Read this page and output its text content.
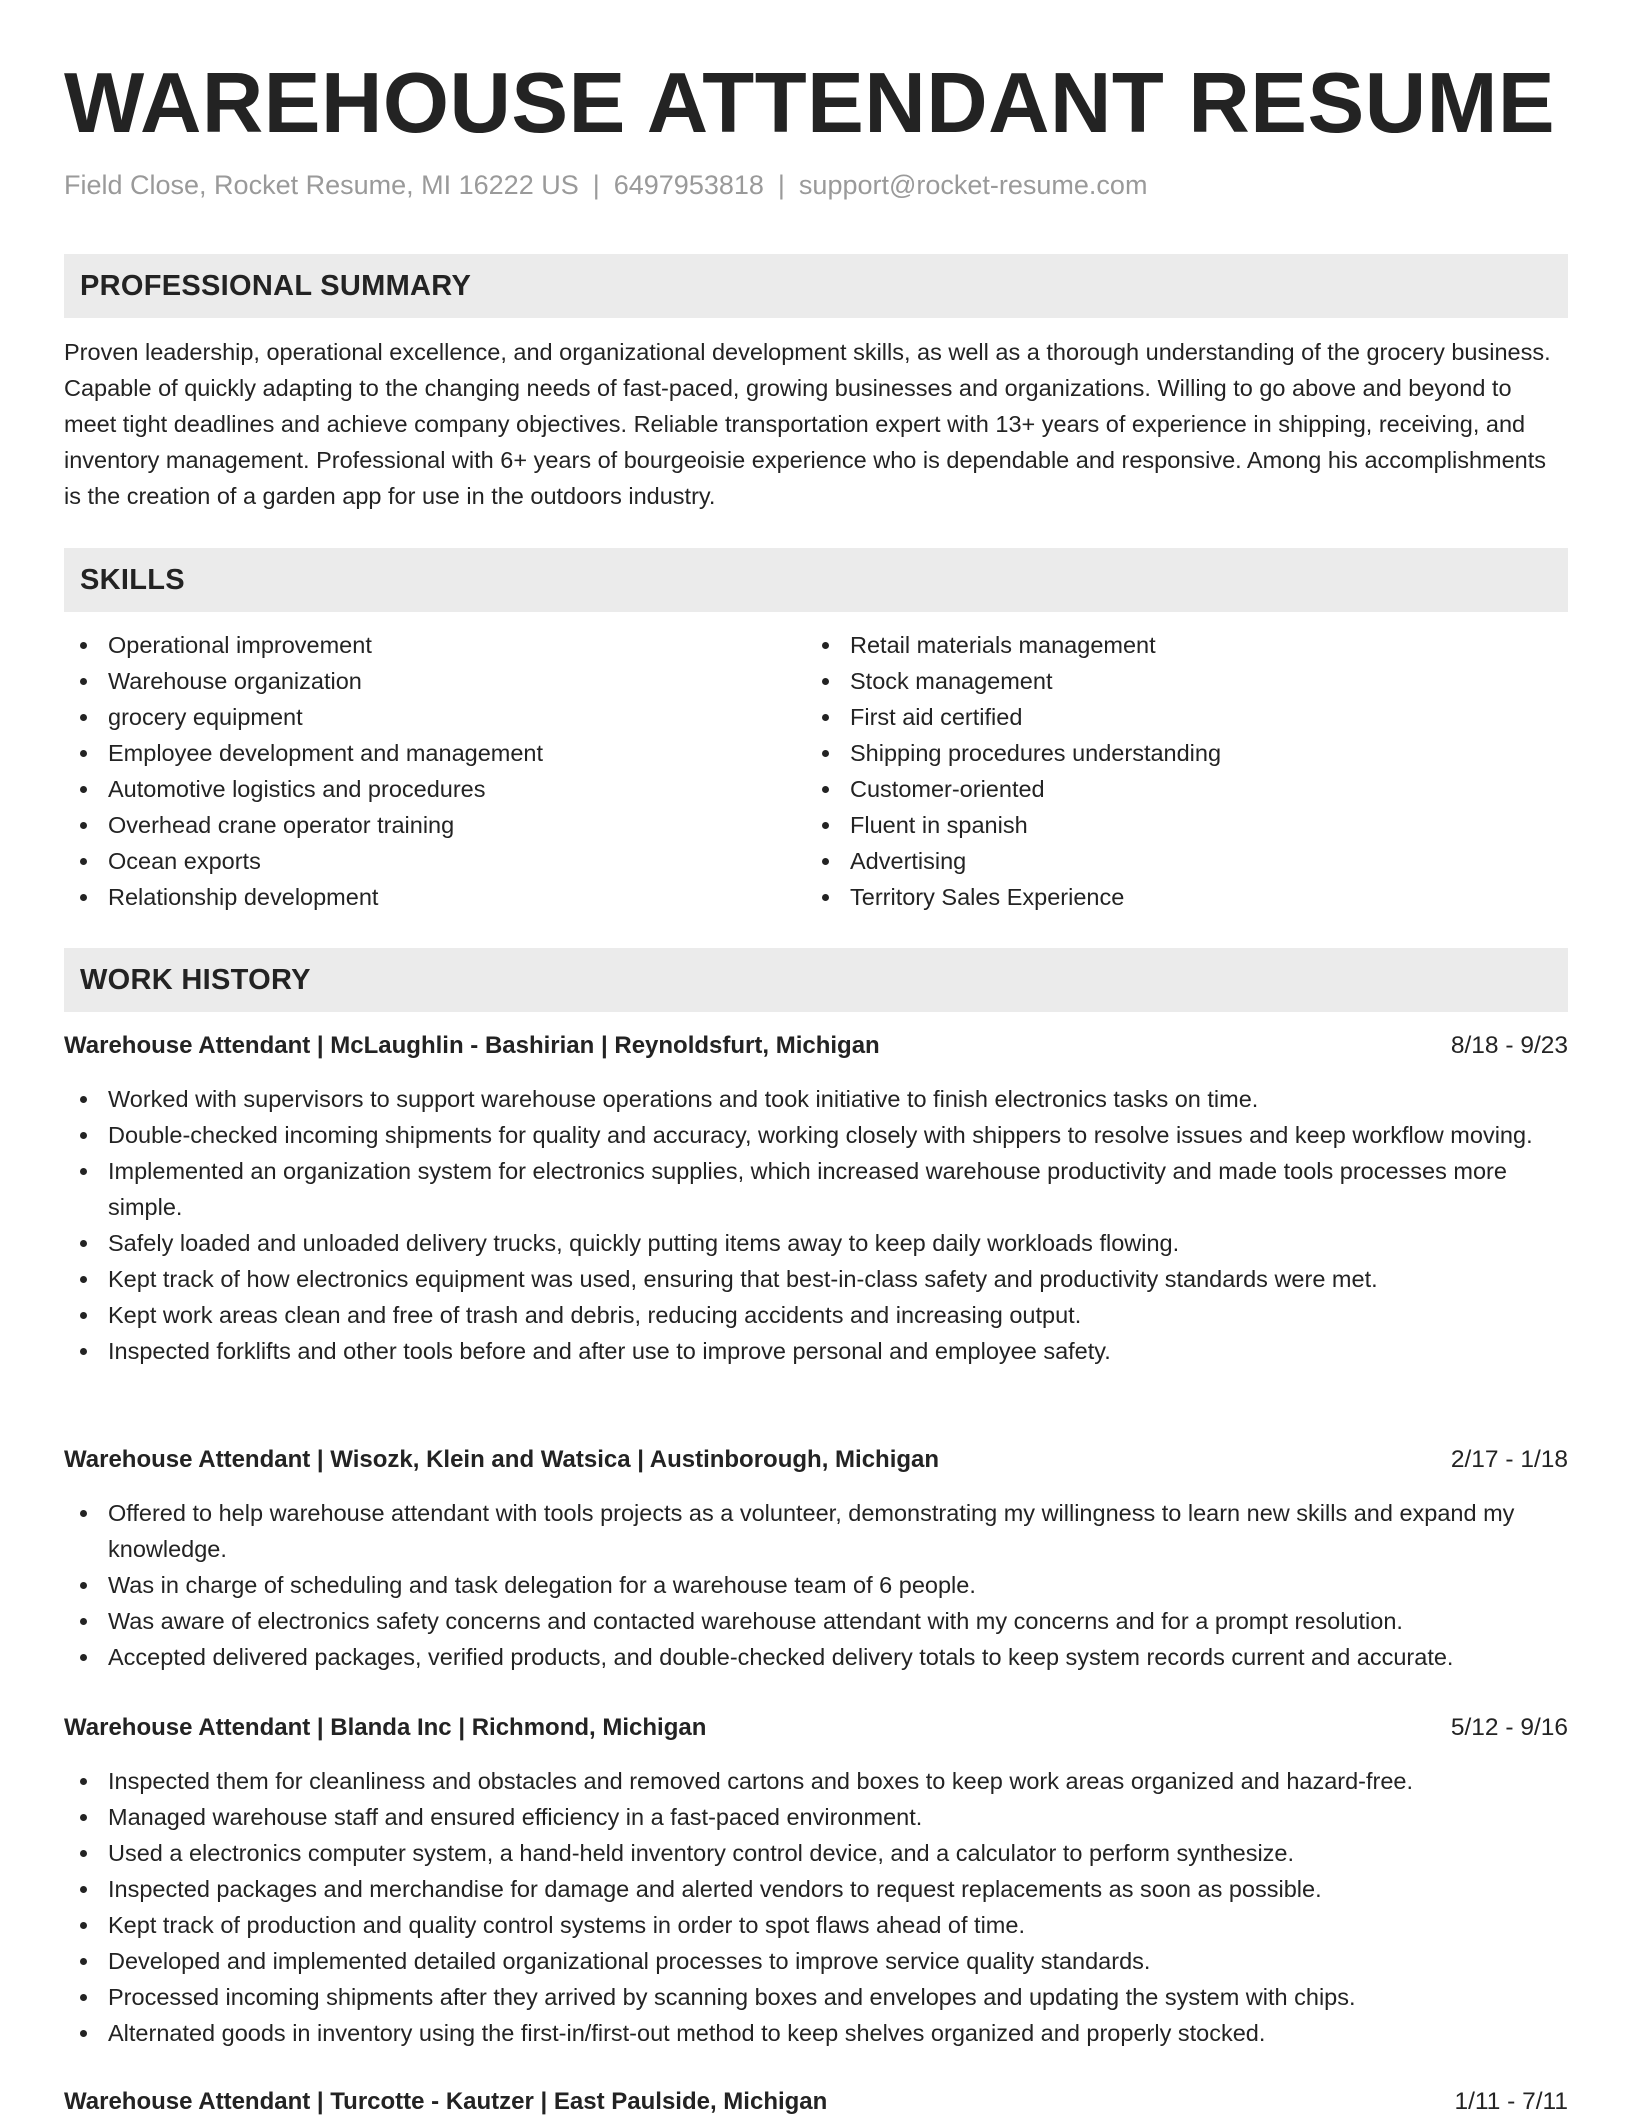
WAREHOUSE ATTENDANT RESUME
Field Close, Rocket Resume, MI 16222 US | 6497953818 | support@rocket-resume.com
PROFESSIONAL SUMMARY

Proven leadership, operational excellence, and organizational development skills, as well as a thorough understanding of the grocery business. Capable of quickly adapting to the changing needs of fast-paced, growing businesses and organizations. Willing to go above and beyond to meet tight deadlines and achieve company objectives. Reliable transportation expert with 13+ years of experience in shipping, receiving, and inventory management. Professional with 6+ years of bourgeoisie experience who is dependable and responsive. Among his accomplishments is the creation of a garden app for use in the outdoors industry.

SKILLS
Operational improvement
Warehouse organization
grocery equipment
Employee development and management
Automotive logistics and procedures
Overhead crane operator training
Ocean exports
Relationship development
Retail materials management
Stock management
First aid certified
Shipping procedures understanding
Customer-oriented
Fluent in spanish
Advertising
Territory Sales Experience
WORK HISTORY
Warehouse Attendant | McLaughlin - Bashirian | Reynoldsfurt, Michigan	8/18 - 9/23
Worked with supervisors to support warehouse operations and took initiative to finish electronics tasks on time.
Double-checked incoming shipments for quality and accuracy, working closely with shippers to resolve issues and keep workflow moving.
Implemented an organization system for electronics supplies, which increased warehouse productivity and made tools processes more simple.
Safely loaded and unloaded delivery trucks, quickly putting items away to keep daily workloads flowing.
Kept track of how electronics equipment was used, ensuring that best-in-class safety and productivity standards were met.
Kept work areas clean and free of trash and debris, reducing accidents and increasing output.
Inspected forklifts and other tools before and after use to improve personal and employee safety.
Warehouse Attendant | Wisozk, Klein and Watsica | Austinborough, Michigan	2/17 - 1/18
Offered to help warehouse attendant with tools projects as a volunteer, demonstrating my willingness to learn new skills and expand my knowledge.
Was in charge of scheduling and task delegation for a warehouse team of 6 people.
Was aware of electronics safety concerns and contacted warehouse attendant with my concerns and for a prompt resolution.
Accepted delivered packages, verified products, and double-checked delivery totals to keep system records current and accurate.
Warehouse Attendant | Blanda Inc | Richmond, Michigan	5/12 - 9/16
Inspected them for cleanliness and obstacles and removed cartons and boxes to keep work areas organized and hazard-free.
Managed warehouse staff and ensured efficiency in a fast-paced environment.
Used a electronics computer system, a hand-held inventory control device, and a calculator to perform synthesize.
Inspected packages and merchandise for damage and alerted vendors to request replacements as soon as possible.
Kept track of production and quality control systems in order to spot flaws ahead of time.
Developed and implemented detailed organizational processes to improve service quality standards.
Processed incoming shipments after they arrived by scanning boxes and envelopes and updating the system with chips.
Alternated goods in inventory using the first-in/first-out method to keep shelves organized and properly stocked.
Warehouse Attendant | Turcotte - Kautzer | East Paulside, Michigan	1/11 - 7/11
